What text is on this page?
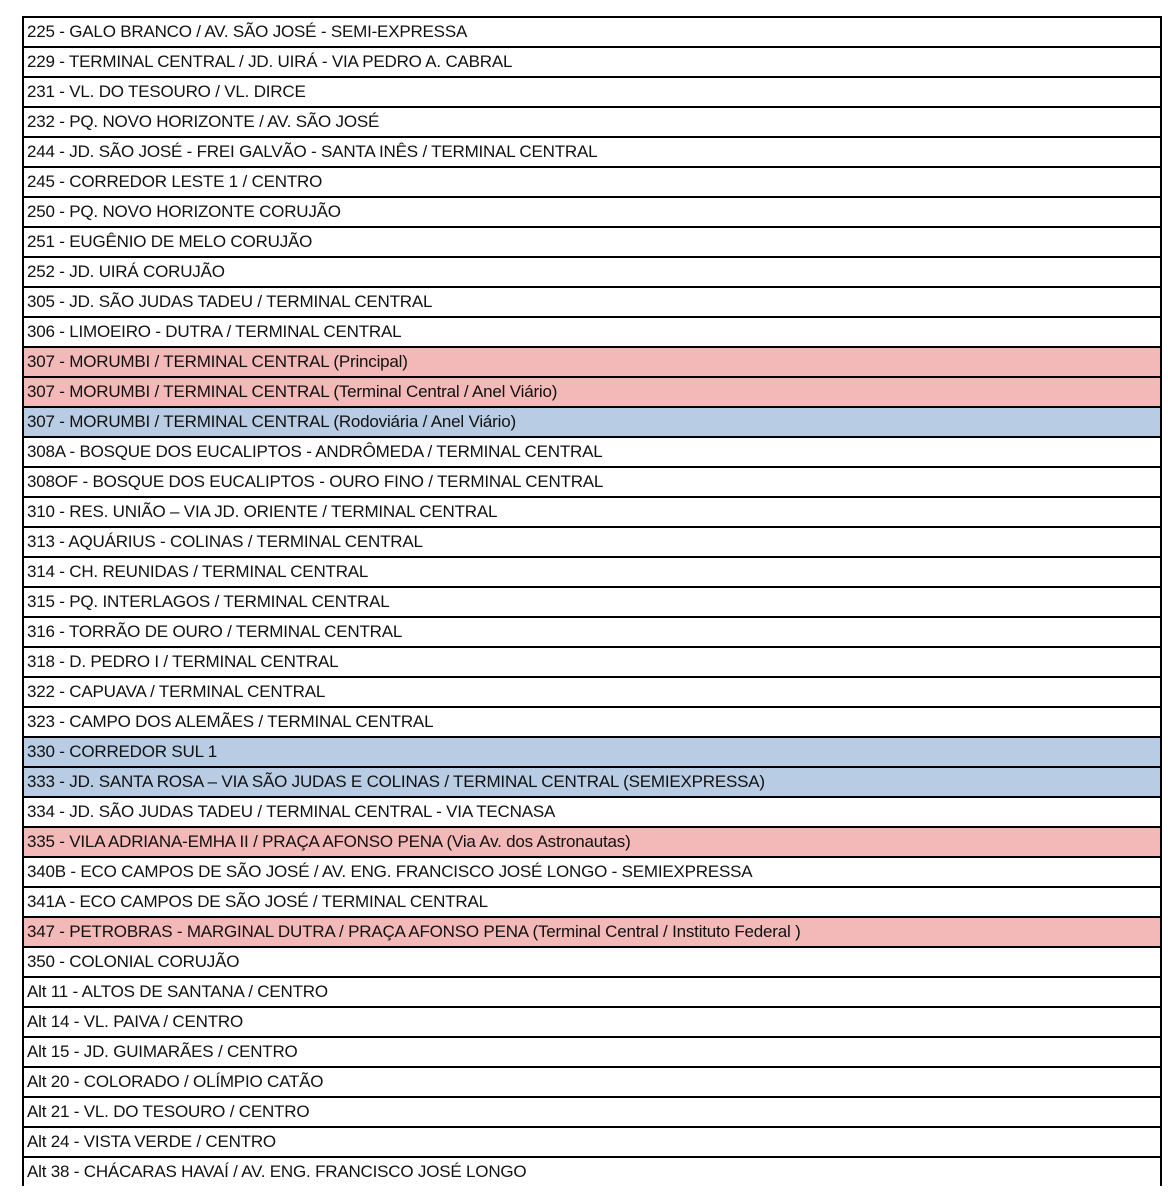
225 - GALO BRANCO / AV. SÃO JOSÉ - SEMI-EXPRESSA
229 - TERMINAL CENTRAL / JD. UIRÁ - VIA PEDRO A. CABRAL
231 - VL. DO TESOURO / VL. DIRCE
232 - PQ. NOVO HORIZONTE / AV. SÃO JOSÉ
244 - JD. SÃO JOSÉ - FREI GALVÃO - SANTA INÊS / TERMINAL CENTRAL
245 - CORREDOR LESTE 1 / CENTRO
250 - PQ. NOVO HORIZONTE CORUJÃO
251 - EUGÊNIO DE MELO CORUJÃO
252 - JD. UIRÁ CORUJÃO
305 - JD. SÃO JUDAS TADEU / TERMINAL CENTRAL
306 - LIMOEIRO - DUTRA / TERMINAL CENTRAL
307 - MORUMBI / TERMINAL CENTRAL (Principal)
307 - MORUMBI / TERMINAL CENTRAL (Terminal Central / Anel Viário)
307 - MORUMBI / TERMINAL CENTRAL (Rodoviária / Anel Viário)
308A - BOSQUE DOS EUCALIPTOS - ANDRÔMEDA / TERMINAL CENTRAL
308OF - BOSQUE DOS EUCALIPTOS - OURO FINO / TERMINAL CENTRAL
310 - RES. UNIÃO – VIA JD. ORIENTE / TERMINAL CENTRAL
313 - AQUÁRIUS - COLINAS / TERMINAL CENTRAL
314 - CH. REUNIDAS / TERMINAL CENTRAL
315 - PQ. INTERLAGOS / TERMINAL CENTRAL
316 - TORRÃO DE OURO / TERMINAL CENTRAL
318 - D. PEDRO I / TERMINAL CENTRAL
322 - CAPUAVA / TERMINAL CENTRAL
323 - CAMPO DOS ALEMÃES / TERMINAL CENTRAL
330 - CORREDOR SUL 1
333 - JD. SANTA ROSA – VIA SÃO JUDAS E COLINAS / TERMINAL CENTRAL (SEMIEXPRESSA)
334 - JD. SÃO JUDAS TADEU / TERMINAL CENTRAL - VIA TECNASA
335 - VILA ADRIANA-EMHA II / PRAÇA AFONSO PENA (Via Av. dos Astronautas)
340B - ECO CAMPOS DE SÃO JOSÉ / AV. ENG. FRANCISCO JOSÉ LONGO - SEMIEXPRESSA
341A - ECO CAMPOS DE SÃO JOSÉ / TERMINAL CENTRAL
347 - PETROBRAS - MARGINAL DUTRA / PRAÇA AFONSO PENA (Terminal Central / Instituto Federal )
350 - COLONIAL CORUJÃO
Alt 11 - ALTOS DE SANTANA / CENTRO
Alt 14 - VL. PAIVA / CENTRO
Alt 15 - JD. GUIMARÃES / CENTRO
Alt 20 - COLORADO / OLÍMPIO CATÃO
Alt 21 - VL. DO TESOURO / CENTRO
Alt 24 - VISTA VERDE / CENTRO
Alt 38 - CHÁCARAS HAVAÍ / AV. ENG. FRANCISCO JOSÉ LONGO
